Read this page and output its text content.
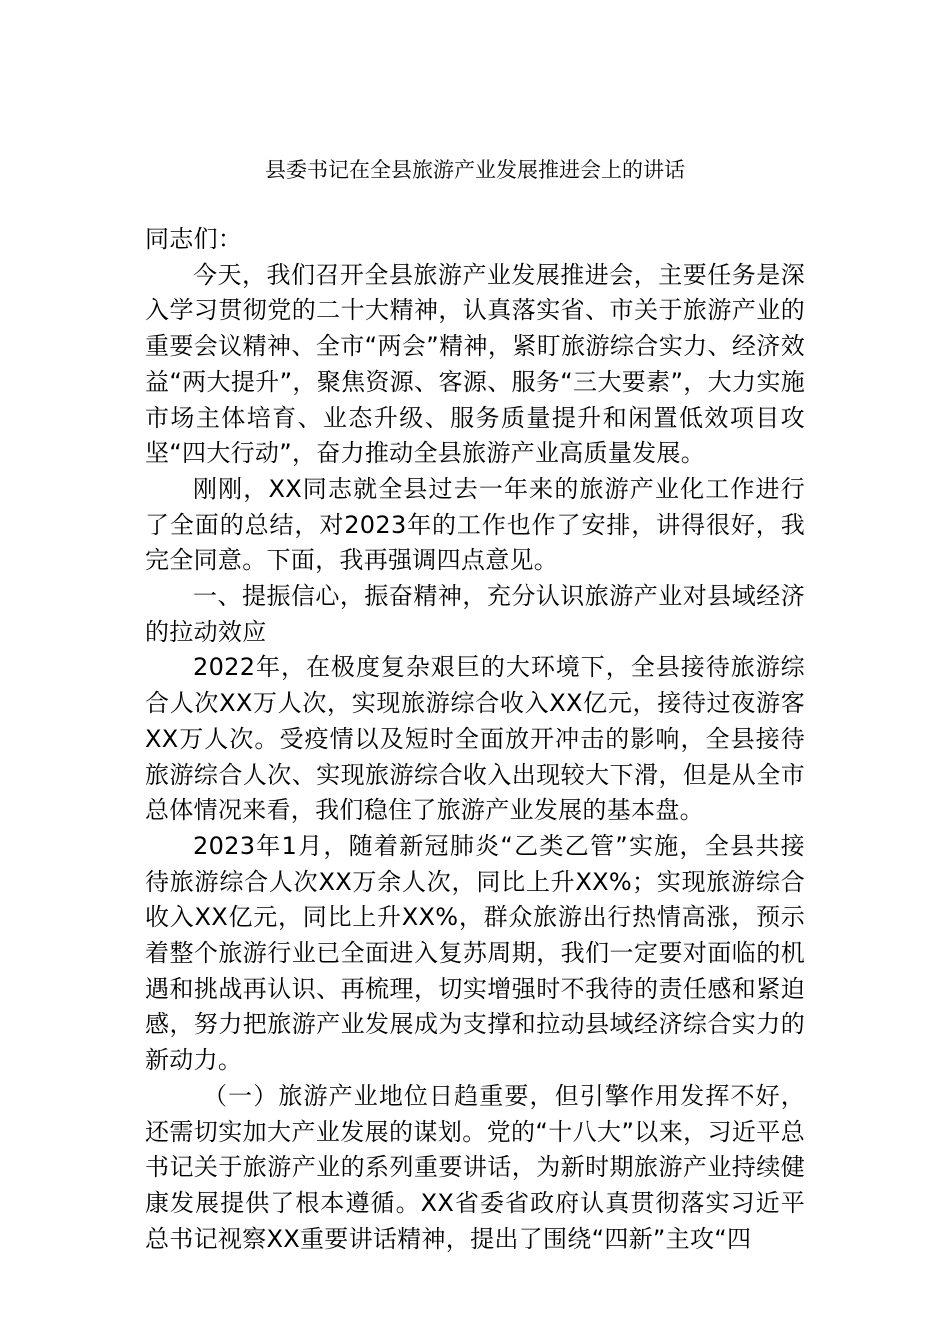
县委书记在全县旅游产业发展推进会上的讲话

同志们：

今天，我们召开全县旅游产业发展推进会，主要任务是深入学习贯彻党的二十大精神，认真落实省、市关于旅游产业的重要会议精神、全市“两会”精神，紧盯旅游综合实力、经济效益“两大提升”，聚焦资源、客源、服务“三大要素”，大力实施市场主体培育、业态升级、服务质量提升和闲置低效项目攻坚“四大行动”，奋力推动全县旅游产业高质量发展。

刚刚，XX同志就全县过去一年来的旅游产业化工作进行了全面的总结，对2023年的工作也作了安排，讲得很好，我完全同意。下面，我再强调四点意见。

一、提振信心，振奋精神，充分认识旅游产业对县域经济的拉动效应

2022年，在极度复杂艰巨的大环境下，全县接待旅游综合人次XX万人次，实现旅游综合收入XX亿元，接待过夜游客XX万人次。受疫情以及短时全面放开冲击的影响，全县接待旅游综合人次、实现旅游综合收入出现较大下滑，但是从全市总体情况来看，我们稳住了旅游产业发展的基本盘。

2023年1月，随着新冠肺炎“乙类乙管”实施，全县共接待旅游综合人次XX万余人次，同比上升XX%；实现旅游综合收入XX亿元，同比上升XX%，群众旅游出行热情高涨，预示着整个旅游行业已全面进入复苏周期，我们一定要对面临的机遇和挑战再认识、再梳理，切实增强时不我待的责任感和紧迫感，努力把旅游产业发展成为支撑和拉动县域经济综合实力的新动力。

（一）旅游产业地位日趋重要，但引擎作用发挥不好，还需切实加大产业发展的谋划。党的“十八大”以来，习近平总书记关于旅游产业的系列重要讲话，为新时期旅游产业持续健康发展提供了根本遵循。XX省委省政府认真贯彻落实习近平总书记视察XX重要讲话精神，提出了围绕“四新”主攻“四
